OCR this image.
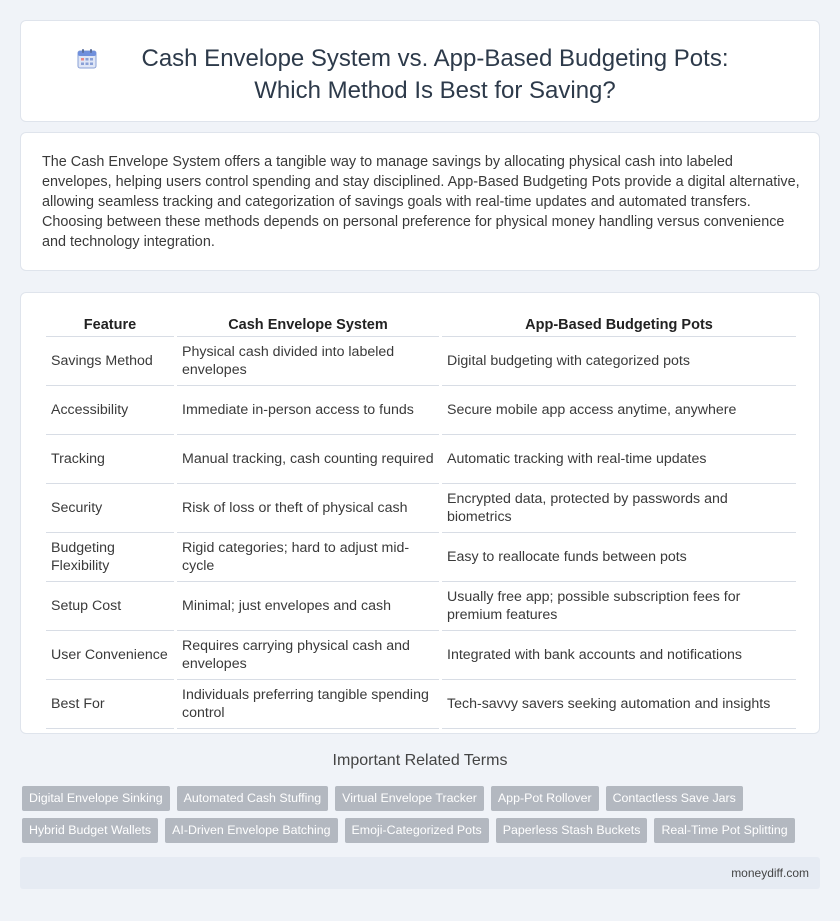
Cash Envelope System vs. App-Based Budgeting Pots: Which Method Is Best for Saving?

The Cash Envelope System offers a tangible way to manage savings by allocating physical cash into labeled envelopes, helping users control spending and stay disciplined. App-Based Budgeting Pots provide a digital alternative, allowing seamless tracking and categorization of savings goals with real-time updates and automated transfers. Choosing between these methods depends on personal preference for physical money handling versus convenience and technology integration.

Feature	Cash Envelope System	App-Based Budgeting Pots
Savings Method	Physical cash divided into labeled envelopes	Digital budgeting with categorized pots
Accessibility	Immediate in-person access to funds	Secure mobile app access anytime, anywhere
Tracking	Manual tracking, cash counting required	Automatic tracking with real-time updates
Security	Risk of loss or theft of physical cash	Encrypted data, protected by passwords and biometrics
Budgeting Flexibility	Rigid categories; hard to adjust mid-cycle	Easy to reallocate funds between pots
Setup Cost	Minimal; just envelopes and cash	Usually free app; possible subscription fees for premium features
User Convenience	Requires carrying physical cash and envelopes	Integrated with bank accounts and notifications
Best For	Individuals preferring tangible spending control	Tech-savvy savers seeking automation and insights
Important Related Terms
Digital Envelope Sinking	Automated Cash Stuffing	Virtual Envelope Tracker	App-Pot Rollover	Contactless Save Jars
Hybrid Budget Wallets	AI-Driven Envelope Batching	Emoji-Categorized Pots	Paperless Stash Buckets	Real-Time Pot Splitting
moneydiff.com
